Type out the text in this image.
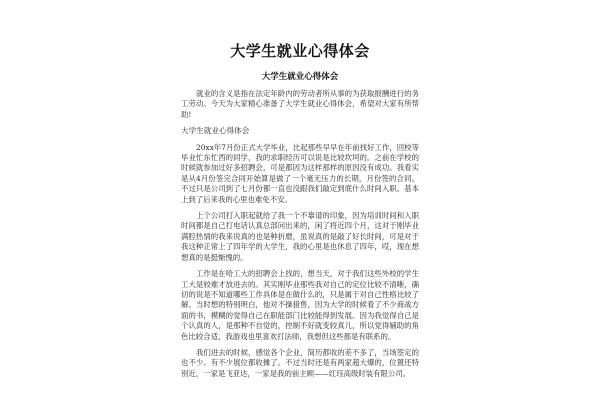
大学生就业心得体会
大学生就业心得体会

就业的含义是指在法定年龄内的劳动者所从事的为获取报酬进行的务工劳动。今天为大家精心准备了大学生就业心得体会，希望对大家有所帮助!

大学生就业心得体会

20xx年7月份正式大学毕业，比起那些早早在年前找好工作，回校等毕业忙东忙西的同学，我的求职经历可以说是比较坎坷的。之前在学校的时候就参加过好多招聘会，可是都因为这样那样的原因没有成功。我看实是从4月份签完合同开始算是做了一个毫无压力的长期，月份签的合同。不过只是公司到了七月份都一直也没跟我们敲定到底什么时间入职。基本上到了后来我的心里也难免不安。

上个公司打入职起就给了我一个不靠谱的印象，因为培训时间和入职时间都是自己打电话认真总部问出来的，闲了将近四个月，这对于刚毕业满腔热情的我来说真的也是种折磨，虽说真的是敲了好长时间，可是对于我这种正常上了四年学的大学生，我的心里是也休息了四年，哎，现在想想真的是挺惭愧的。

工作是在哈工大的招聘会上找的，想当天，对于我们这些外校的学生工大是较难才放进去的。其实刚毕业那些我对自己的定位比较不清晰，确切的说是不知道哪些工作具体是在做什么的，只是属于对自己性格比较了解。当时想的特别明白，他对不操猎售，因为大学的时候看了不少商战方面的书，模糊的觉得自己在职能部门比较能得到发展。因为我觉得自己是个认真的人，是那种不自觉的，控制不好就变较真儿，所以觉得辅助的角色比较合适，我游戏也里喜欢打法师，我想但这些都是有联系的。

我们进去的时候，感觉各个企业，简历都收的差不多了，当场签定的也不少。有不少展位都收摊了。不过当时还是有两家超大爆的，位置还特别近，一家是飞亚达，一家是我的前主顾——红珏高级时装有限公司。
